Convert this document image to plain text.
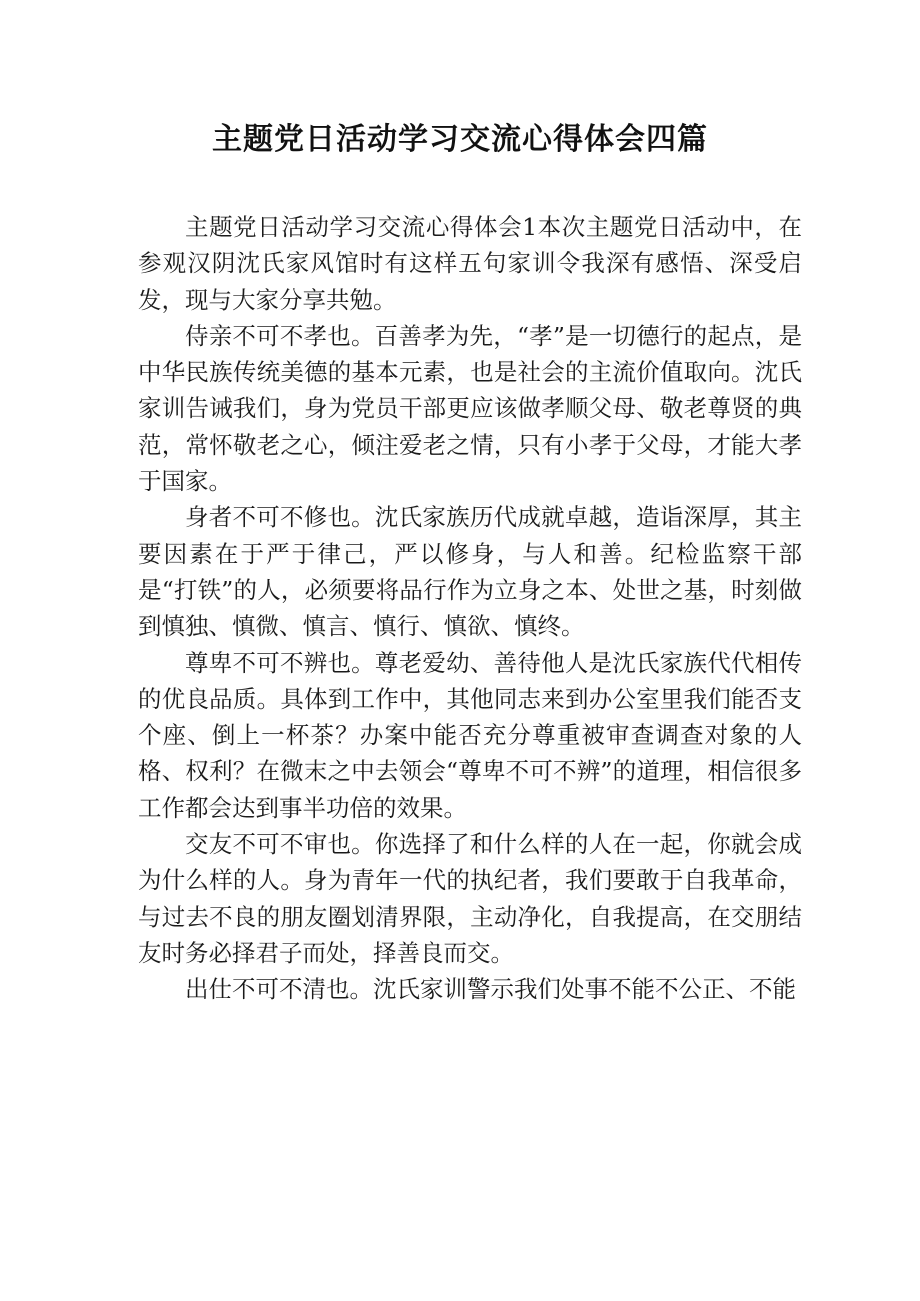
主题党日活动学习交流心得体会四篇

主题党日活动学习交流心得体会1本次主题党日活动中，在参观汉阴沈氏家风馆时有这样五句家训令我深有感悟、深受启发，现与大家分享共勉。

侍亲不可不孝也。百善孝为先，“孝”是一切德行的起点，是中华民族传统美德的基本元素，也是社会的主流价值取向。沈氏家训告诫我们，身为党员干部更应该做孝顺父母、敬老尊贤的典范，常怀敬老之心，倾注爱老之情，只有小孝于父母，才能大孝于国家。

身者不可不修也。沈氏家族历代成就卓越，造诣深厚，其主要因素在于严于律己，严以修身，与人和善。纪检监察干部是“打铁”的人，必须要将品行作为立身之本、处世之基，时刻做到慎独、慎微、慎言、慎行、慎欲、慎终。

尊卑不可不辨也。尊老爱幼、善待他人是沈氏家族代代相传的优良品质。具体到工作中，其他同志来到办公室里我们能否支个座、倒上一杯茶？办案中能否充分尊重被审查调查对象的人格、权利？在微末之中去领会“尊卑不可不辨”的道理，相信很多工作都会达到事半功倍的效果。

交友不可不审也。你选择了和什么样的人在一起，你就会成为什么样的人。身为青年一代的执纪者，我们要敢于自我革命，与过去不良的朋友圈划清界限，主动净化，自我提高，在交朋结友时务必择君子而处，择善良而交。

出仕不可不清也。沈氏家训警示我们处事不能不公正、不能
